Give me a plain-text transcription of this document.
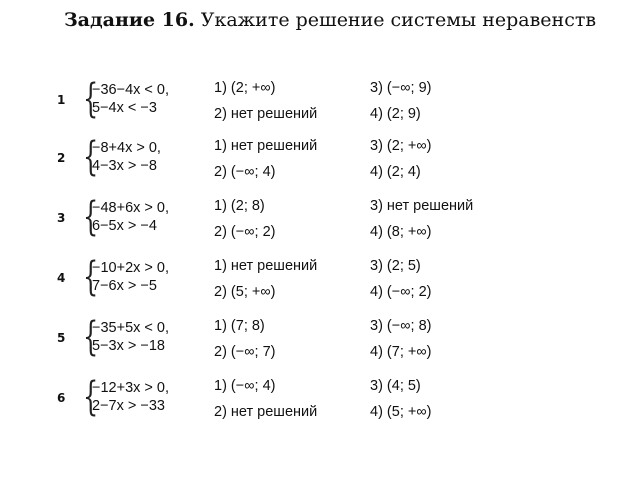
Задание 16. Укажите решение системы неравенств
1 {
−36−4x < 0,
5−4x < −3
1) (2; +∞)
2) нет решений
3) (−∞; 9)
4) (2; 9)
2 {
−8+4x > 0,
4−3x > −8
1) нет решений
2) (−∞; 4)
3) (2; +∞)
4) (2; 4)
3 {
−48+6x > 0,
6−5x > −4
1) (2; 8)
2) (−∞; 2)
3) нет решений
4) (8; +∞)
4 {
−10+2x > 0,
7−6x > −5
1) нет решений
2) (5; +∞)
3) (2; 5)
4) (−∞; 2)
5 {
−35+5x < 0,
5−3x > −18
1) (7; 8)
2) (−∞; 7)
3) (−∞; 8)
4) (7; +∞)
6 {
−12+3x > 0,
2−7x > −33
1) (−∞; 4)
2) нет решений
3) (4; 5)
4) (5; +∞)
